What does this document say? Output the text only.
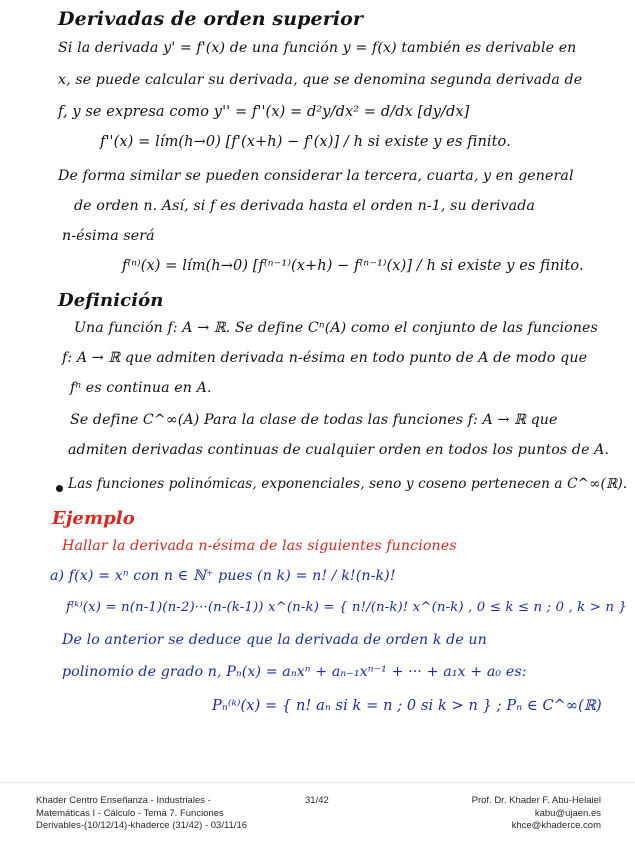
Derivadas de orden superior
Si la derivada y' = f'(x) de una función y = f(x) también es derivable en
x, se puede calcular su derivada, que se denomina segunda derivada de
f, y se expresa como y'' = f''(x) = d²y/dx² = d/dx [dy/dx]
f''(x) = lím(h→0) [f'(x+h) − f'(x)] / h si existe y es finito.
De forma similar se pueden considerar la tercera, cuarta, y en general
de orden n. Así, si f es derivada hasta el orden n-1, su derivada
n-ésima será
f⁽ⁿ⁾(x) = lím(h→0) [f⁽ⁿ⁻¹⁾(x+h) − f⁽ⁿ⁻¹⁾(x)] / h si existe y es finito.
Definición
Una función f: A → ℝ. Se define Cⁿ(A) como el conjunto de las funciones
f: A → ℝ que admiten derivada n-ésima en todo punto de A de modo que
fⁿ es continua en A.
Se define C^∞(A) Para la clase de todas las funciones f: A → ℝ que
admiten derivadas continuas de cualquier orden en todos los puntos de A.
Las funciones polinómicas, exponenciales, seno y coseno pertenecen a C^∞(ℝ).
Ejemplo
Hallar la derivada n-ésima de las siguientes funciones
a) f(x) = xⁿ con n ∈ ℕ⁺ pues (n k) = n! / k!(n-k)!
f⁽ᵏ⁾(x) = n(n-1)(n-2)···(n-(k-1)) x^(n-k) = { n!/(n-k)! x^(n-k) , 0 ≤ k ≤ n ; 0 , k > n }
De lo anterior se deduce que la derivada de orden k de un
polinomio de grado n, Pₙ(x) = aₙxⁿ + aₙ₋₁xⁿ⁻¹ + ··· + a₁x + a₀ es:
Pₙ⁽ᵏ⁾(x) = { n! aₙ si k = n ; 0 si k > n } ; Pₙ ∈ C^∞(ℝ)
Khader Centro Enseñanza - Industriales -
Matemáticas I - Cálculo - Tema 7. Funciones
Derivables-(10/12/14)-khaderce (31/42) - 03/11/16
31/42	Prof. Dr. Khader F. Abu-Helaiel
kabu@ujaen.es
khce@khaderce.com
